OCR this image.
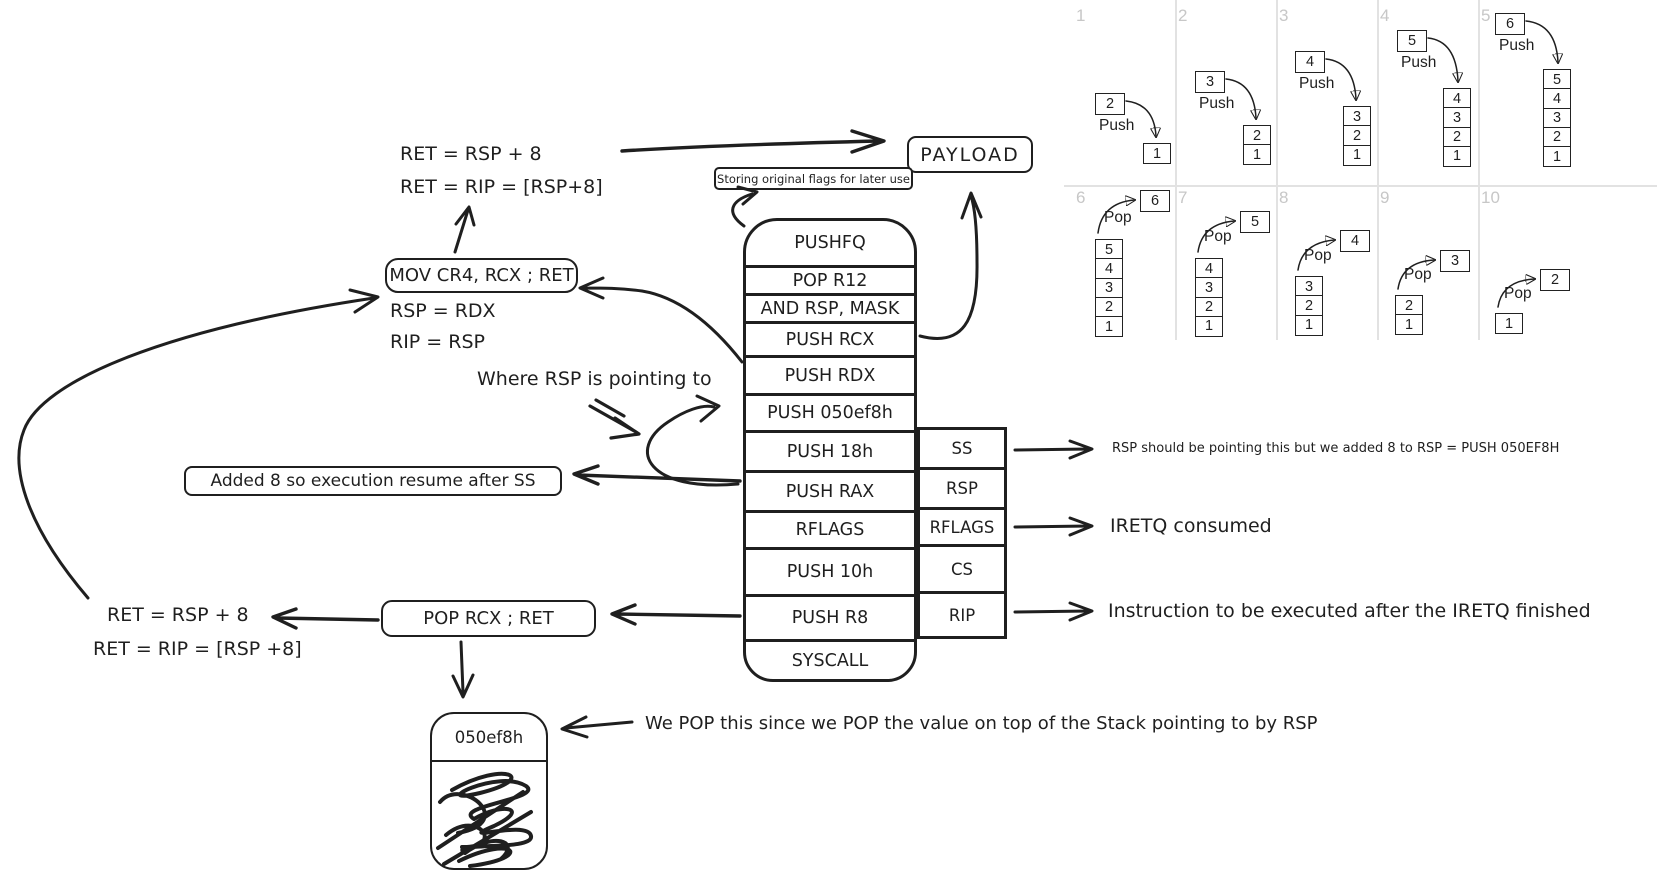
1	2	3	4	5
6	7	8	9	10
2
Push
1
3
Push
2
1
4
Push
3
2
1
5
Push
4
3
2
1
6
Push
5
4
3
2
1
6
Pop
5
4
3
2
1
5
Pop
4
3
2
1
4
Pop
3
2
1
3
Pop
2
1
2
Pop
1
RET = RSP + 8
RET = RIP = [RSP+8]
MOV CR4, RCX ; RET
RSP = RDX
RIP = RSP
PAYLOAD
Storing original flags for later use
PUSHFQ
POP R12
AND RSP, MASK
PUSH RCX
PUSH RDX
PUSH 050ef8h
PUSH 18h
PUSH RAX
RFLAGS
PUSH 10h
PUSH R8
SYSCALL
SS
RSP
RFLAGS
CS
RIP
Where RSP is pointing to
Added 8 so execution resume after SS
RSP should be pointing this but we added 8 to RSP = PUSH 050EF8H
IRETQ consumed
Instruction to be executed after the IRETQ finished
RET = RSP + 8
RET = RIP = [RSP +8]
POP RCX ; RET
050ef8h
We POP this since we POP the value on top of the Stack pointing to by RSP
